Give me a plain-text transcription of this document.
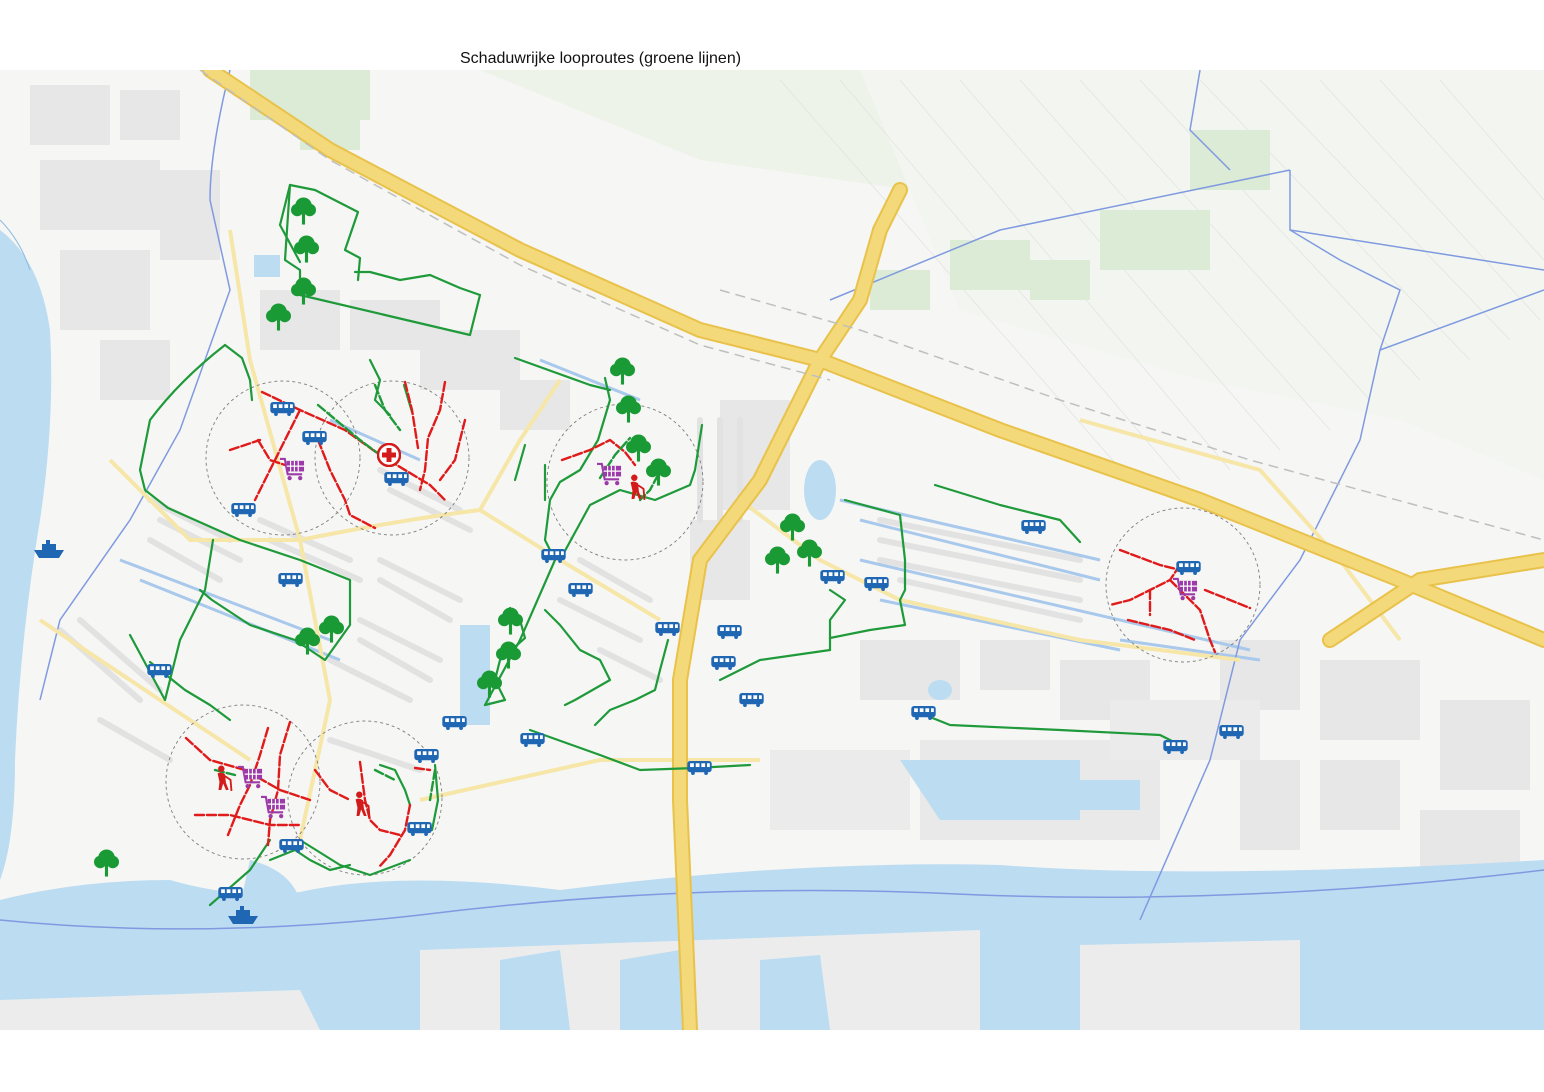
Schaduwrijke looproutes (groene lijnen)
